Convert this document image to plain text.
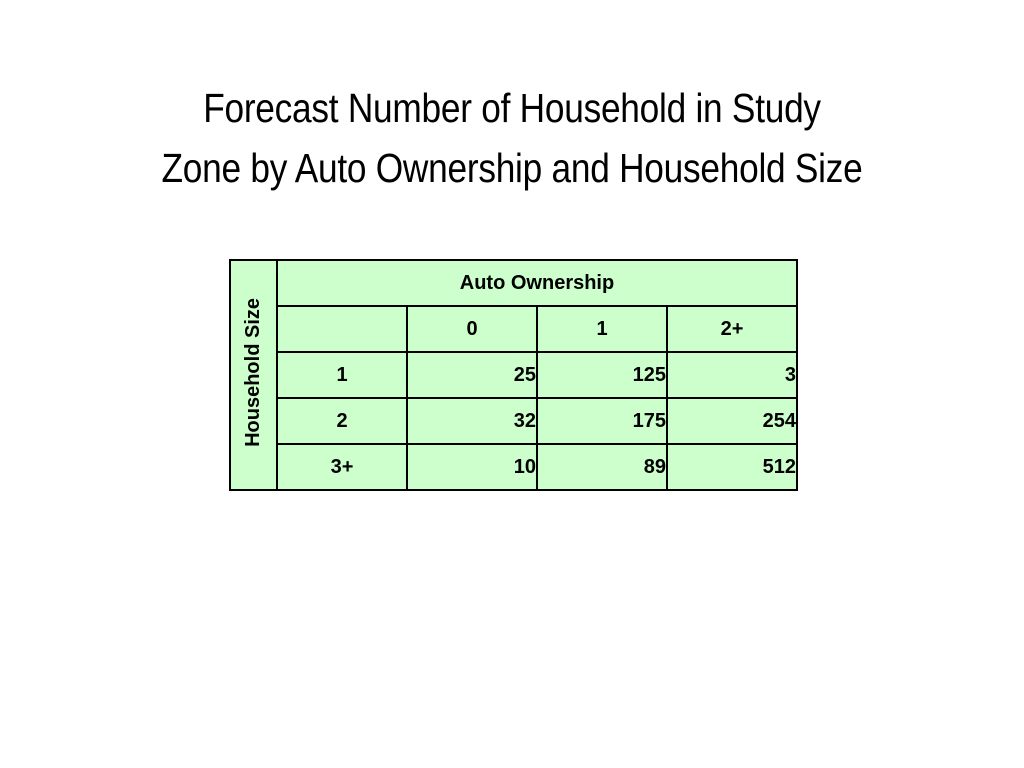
Forecast Number of Household in Study
Zone by Auto Ownership and Household Size
Household Size	Auto Ownership			
		0	1	2+
	1	25	125	3
	2	32	175	254
	3+	10	89	512
